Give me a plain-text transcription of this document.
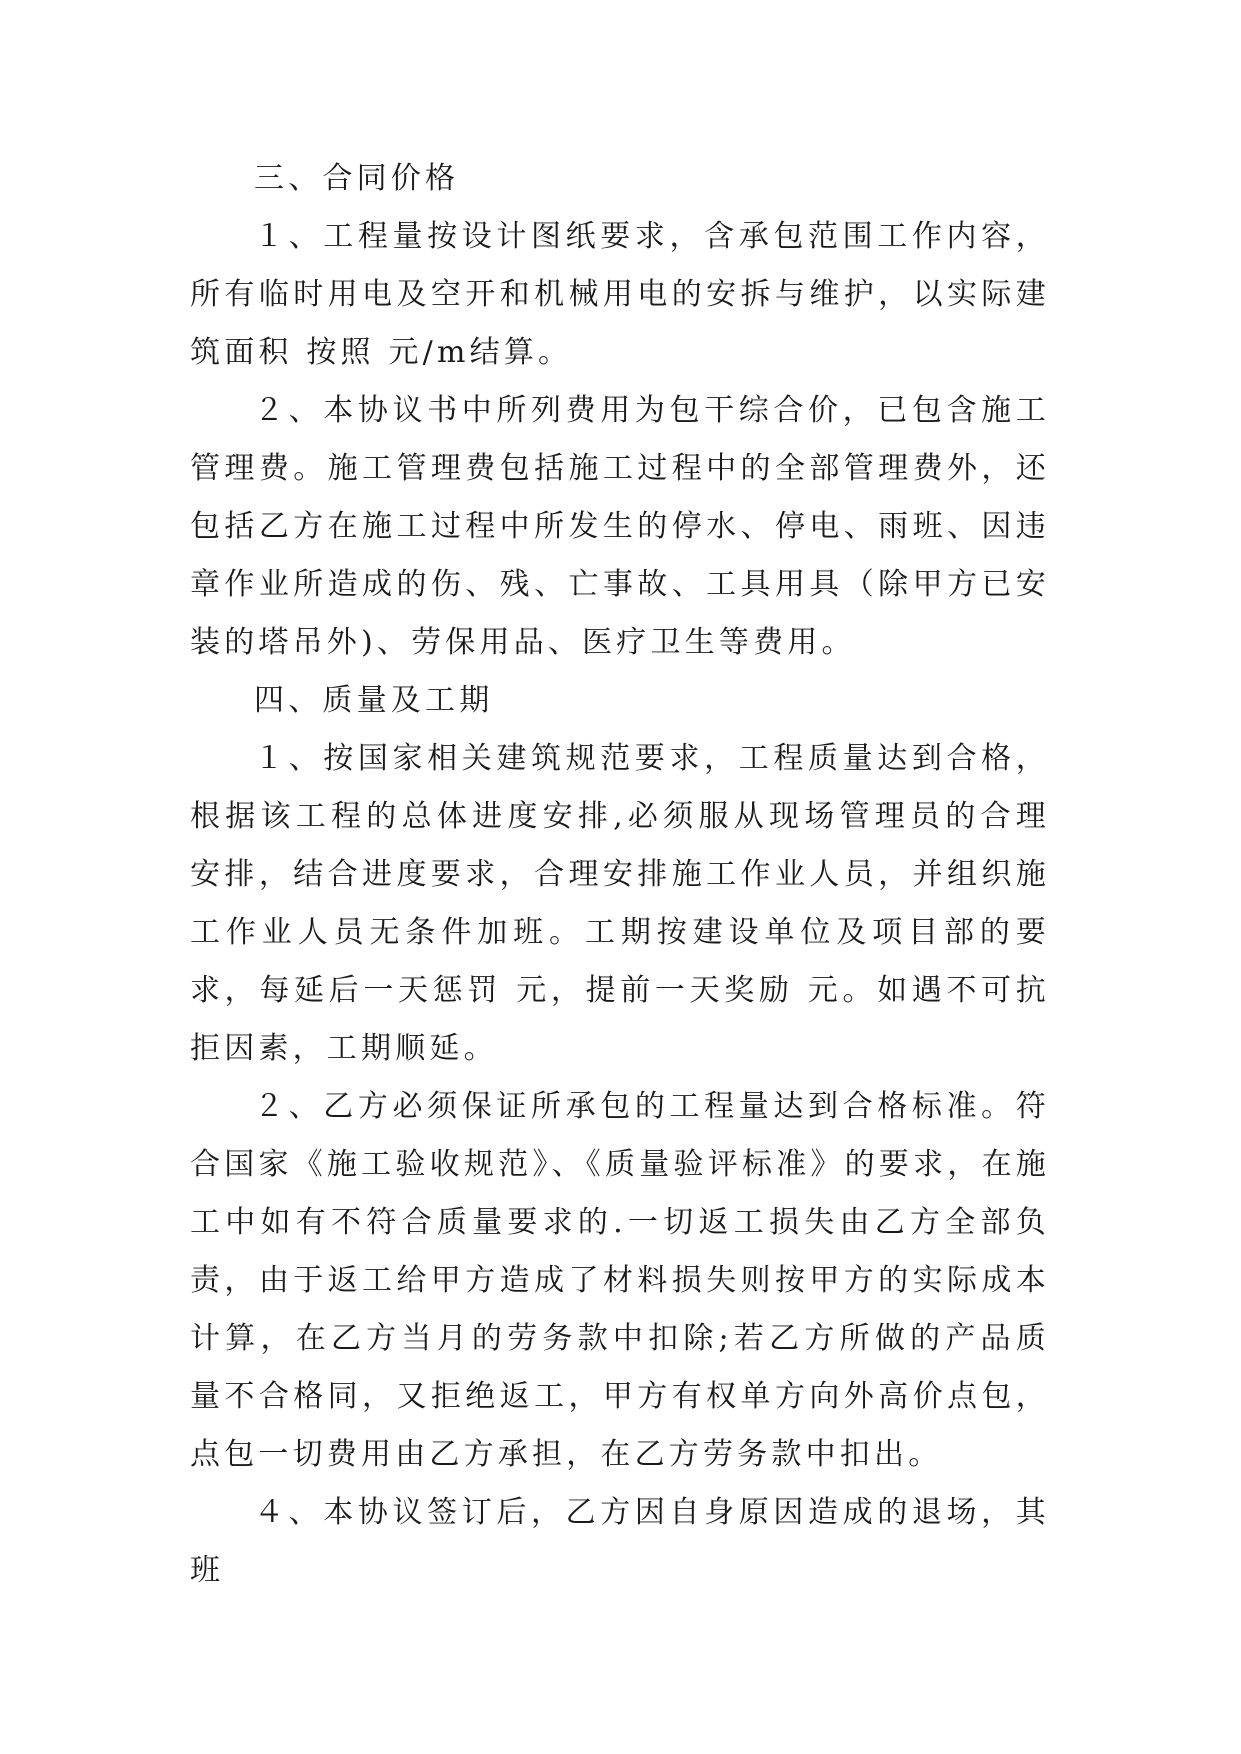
三、合同价格

１、工程量按设计图纸要求，含承包范围工作内容，所有临时用电及空开和机械用电的安拆与维护，以实际建筑面积 按照 元/m结算。

２、本协议书中所列费用为包干综合价，已包含施工管理费。施工管理费包括施工过程中的全部管理费外，还包括乙方在施工过程中所发生的停水、停电、雨班、因违章作业所造成的伤、残、亡事故、工具用具（除甲方已安装的塔吊外)、劳保用品、医疗卫生等费用。

四、质量及工期

１、按国家相关建筑规范要求，工程质量达到合格，根据该工程的总体进度安排,必须服从现场管理员的合理安排，结合进度要求，合理安排施工作业人员，并组织施工作业人员无条件加班。工期按建设单位及项目部的要求，每延后一天惩罚 元，提前一天奖励 元。如遇不可抗拒因素，工期顺延。

２、乙方必须保证所承包的工程量达到合格标准。符合国家《施工验收规范》、《质量验评标准》的要求，在施工中如有不符合质量要求的.一切返工损失由乙方全部负责，由于返工给甲方造成了材料损失则按甲方的实际成本计算，在乙方当月的劳务款中扣除;若乙方所做的产品质量不合格同，又拒绝返工，甲方有权单方向外高价点包，点包一切费用由乙方承担，在乙方劳务款中扣出。

４、本协议签订后，乙方因自身原因造成的退场，其班
